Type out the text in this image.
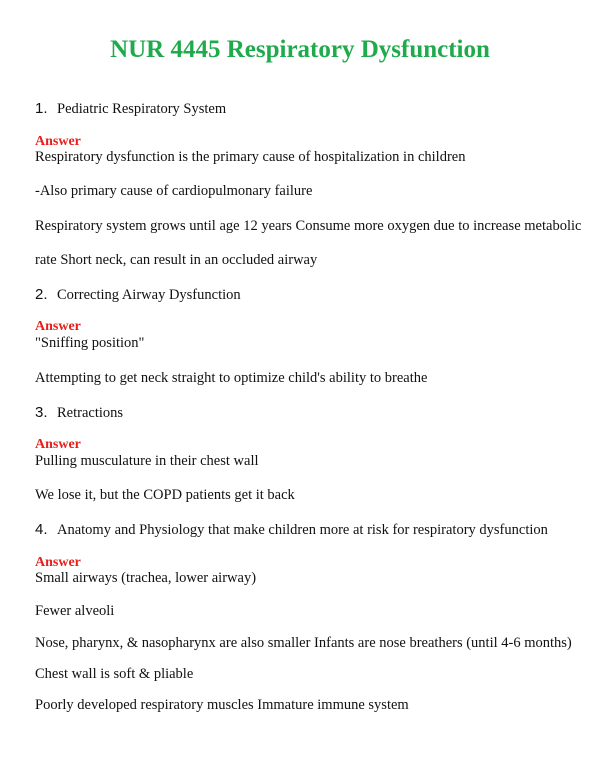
NUR 4445 Respiratory Dysfunction
1. Pediatric Respiratory System
Answer
Respiratory dysfunction is the primary cause of hospitalization in children
-Also primary cause of cardiopulmonary failure
Respiratory system grows until age 12 years Consume more oxygen due to increase metabolic
rate Short neck, can result in an occluded airway
2. Correcting Airway Dysfunction
Answer
"Sniffing position"
Attempting to get neck straight to optimize child's ability to breathe
3. Retractions
Answer
Pulling musculature in their chest wall
We lose it, but the COPD patients get it back
4. Anatomy and Physiology that make children more at risk for respiratory dysfunction
Answer
Small airways (trachea, lower airway)
Fewer alveoli
Nose, pharynx, & nasopharynx are also smaller Infants are nose breathers (until 4-6 months)
Chest wall is soft & pliable
Poorly developed respiratory muscles Immature immune system
